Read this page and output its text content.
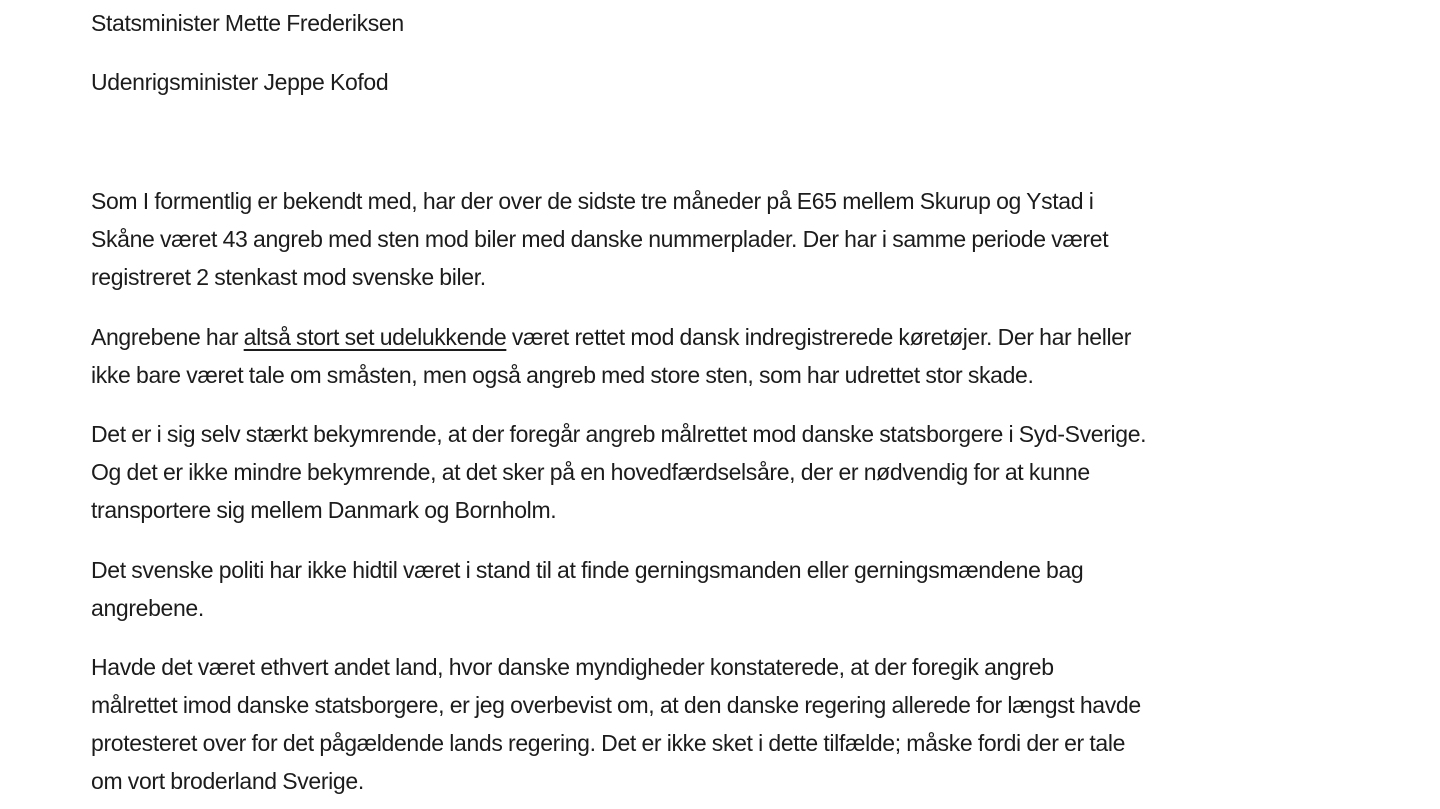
Statsminister Mette Frederiksen
Udenrigsminister Jeppe Kofod
Som I formentlig er bekendt med, har der over de sidste tre måneder på E65 mellem Skurup og Ystad i
Skåne været 43 angreb med sten mod biler med danske nummerplader. Der har i samme periode været
registreret 2 stenkast mod svenske biler.
Angrebene har altså stort set udelukkende været rettet mod dansk indregistrerede køretøjer. Der har heller
ikke bare været tale om småsten, men også angreb med store sten, som har udrettet stor skade.
Det er i sig selv stærkt bekymrende, at der foregår angreb målrettet mod danske statsborgere i Syd-Sverige.
Og det er ikke mindre bekymrende, at det sker på en hovedfærdselsåre, der er nødvendig for at kunne
transportere sig mellem Danmark og Bornholm.
Det svenske politi har ikke hidtil været i stand til at finde gerningsmanden eller gerningsmændene bag
angrebene.
Havde det været ethvert andet land, hvor danske myndigheder konstaterede, at der foregik angreb
målrettet imod danske statsborgere, er jeg overbevist om, at den danske regering allerede for længst havde
protesteret over for det pågældende lands regering. Det er ikke sket i dette tilfælde; måske fordi der er tale
om vort broderland Sverige.
